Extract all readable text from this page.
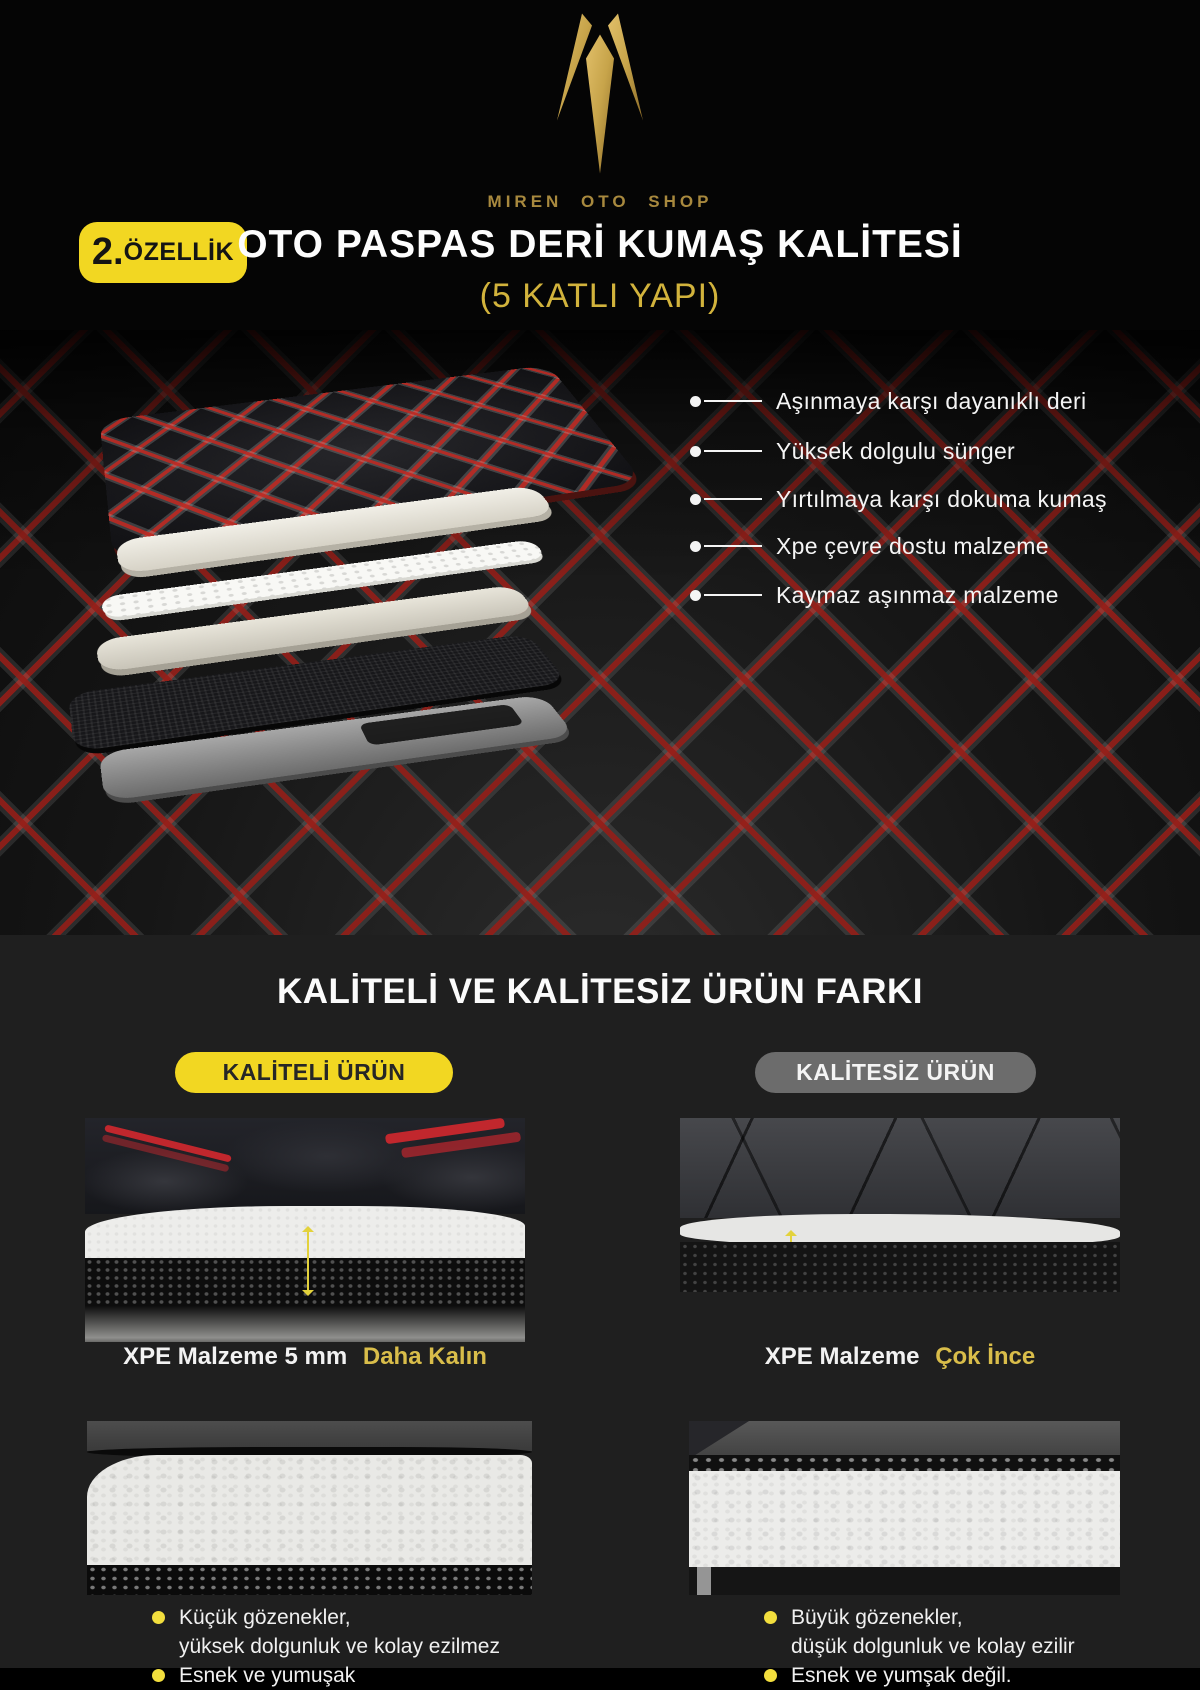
MIREN OTO SHOP
2. ÖZELLİK OTO PASPAS DERİ KUMAŞ KALİTESİ
(5 KATLI YAPI)
Aşınmaya karşı dayanıklı deri
Yüksek dolgulu sünger
Yırtılmaya karşı dokuma kumaş
Xpe çevre dostu malzeme
Kaymaz aşınmaz malzeme
KALİTELİ VE KALİTESİZ ÜRÜN FARKI
KALİTELİ ÜRÜN	KALİTESİZ ÜRÜN
XPE Malzeme 5 mm Daha Kalın	XPE Malzeme Çok İnce
Küçük gözenekler,
yüksek dolgunluk ve kolay ezilmez
Esnek ve yumuşak
Büyük gözenekler,
düşük dolgunluk ve kolay ezilir
Esnek ve yumşak değil.
